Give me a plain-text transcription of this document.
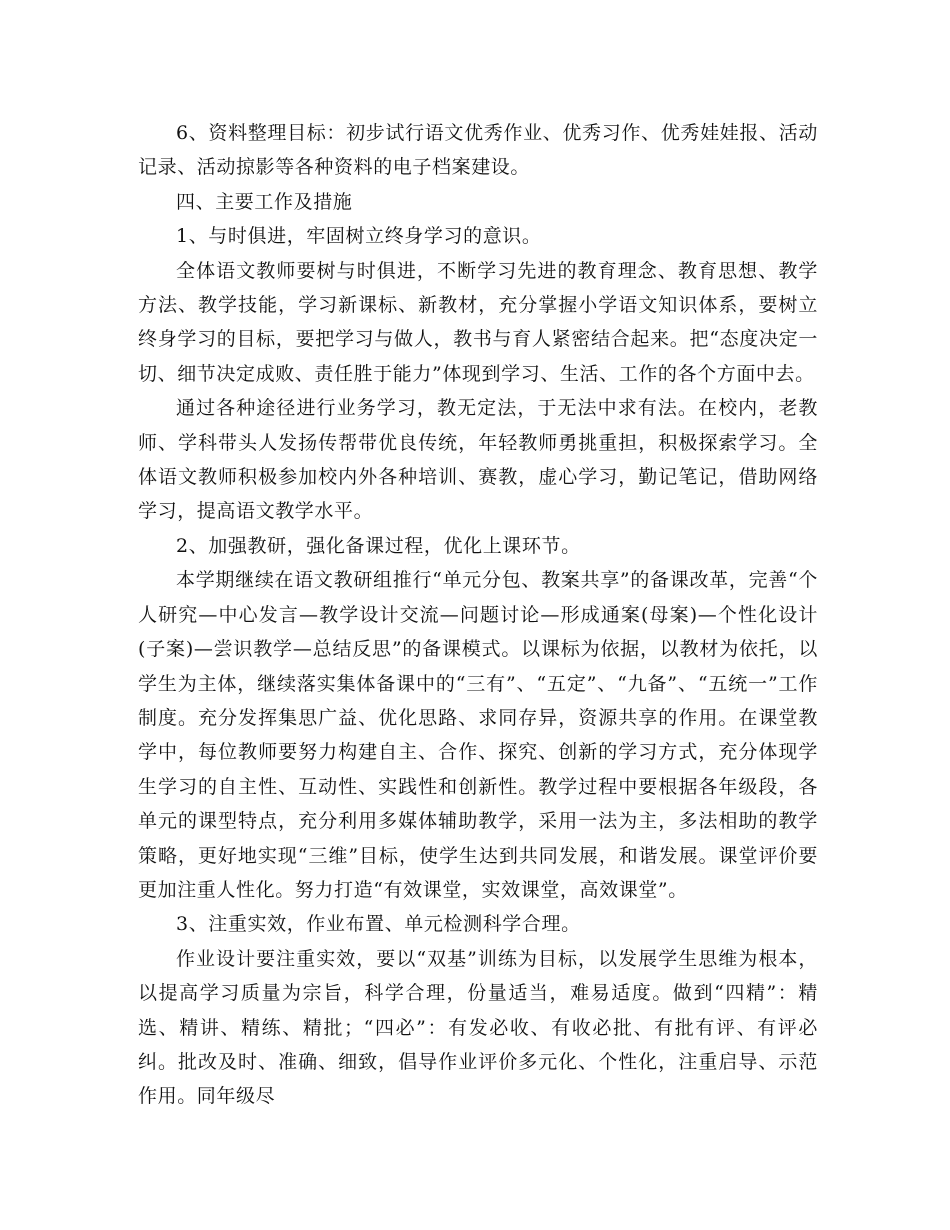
6、资料整理目标：初步试行语文优秀作业、优秀习作、优秀娃娃报、活动记录、活动掠影等各种资料的电子档案建设。

四、主要工作及措施

1、与时俱进，牢固树立终身学习的意识。

全体语文教师要树与时俱进，不断学习先进的教育理念、教育思想、教学方法、教学技能，学习新课标、新教材，充分掌握小学语文知识体系，要树立终身学习的目标，要把学习与做人，教书与育人紧密结合起来。把“态度决定一切、细节决定成败、责任胜于能力”体现到学习、生活、工作的各个方面中去。

通过各种途径进行业务学习，教无定法，于无法中求有法。在校内，老教师、学科带头人发扬传帮带优良传统，年轻教师勇挑重担，积极探索学习。全体语文教师积极参加校内外各种培训、赛教，虚心学习，勤记笔记，借助网络学习，提高语文教学水平。

2、加强教研，强化备课过程，优化上课环节。

本学期继续在语文教研组推行“单元分包、教案共享”的备课改革，完善“个人研究—中心发言—教学设计交流—问题讨论—形成通案(母案)—个性化设计(子案)—尝识教学—总结反思”的备课模式。以课标为依据，以教材为依托，以学生为主体，继续落实集体备课中的“三有”、“五定”、“九备”、“五统一”工作制度。充分发挥集思广益、优化思路、求同存异，资源共享的作用。在课堂教学中，每位教师要努力构建自主、合作、探究、创新的学习方式，充分体现学生学习的自主性、互动性、实践性和创新性。教学过程中要根据各年级段，各单元的课型特点，充分利用多媒体辅助教学，采用一法为主，多法相助的教学策略，更好地实现“三维”目标，使学生达到共同发展，和谐发展。课堂评价要更加注重人性化。努力打造“有效课堂，实效课堂，高效课堂”。

3、注重实效，作业布置、单元检测科学合理。

作业设计要注重实效，要以“双基”训练为目标，以发展学生思维为根本，以提高学习质量为宗旨，科学合理，份量适当，难易适度。做到“四精”：精选、精讲、精练、精批；“四必”：有发必收、有收必批、有批有评、有评必纠。批改及时、准确、细致，倡导作业评价多元化、个性化，注重启导、示范作用。同年级尽
